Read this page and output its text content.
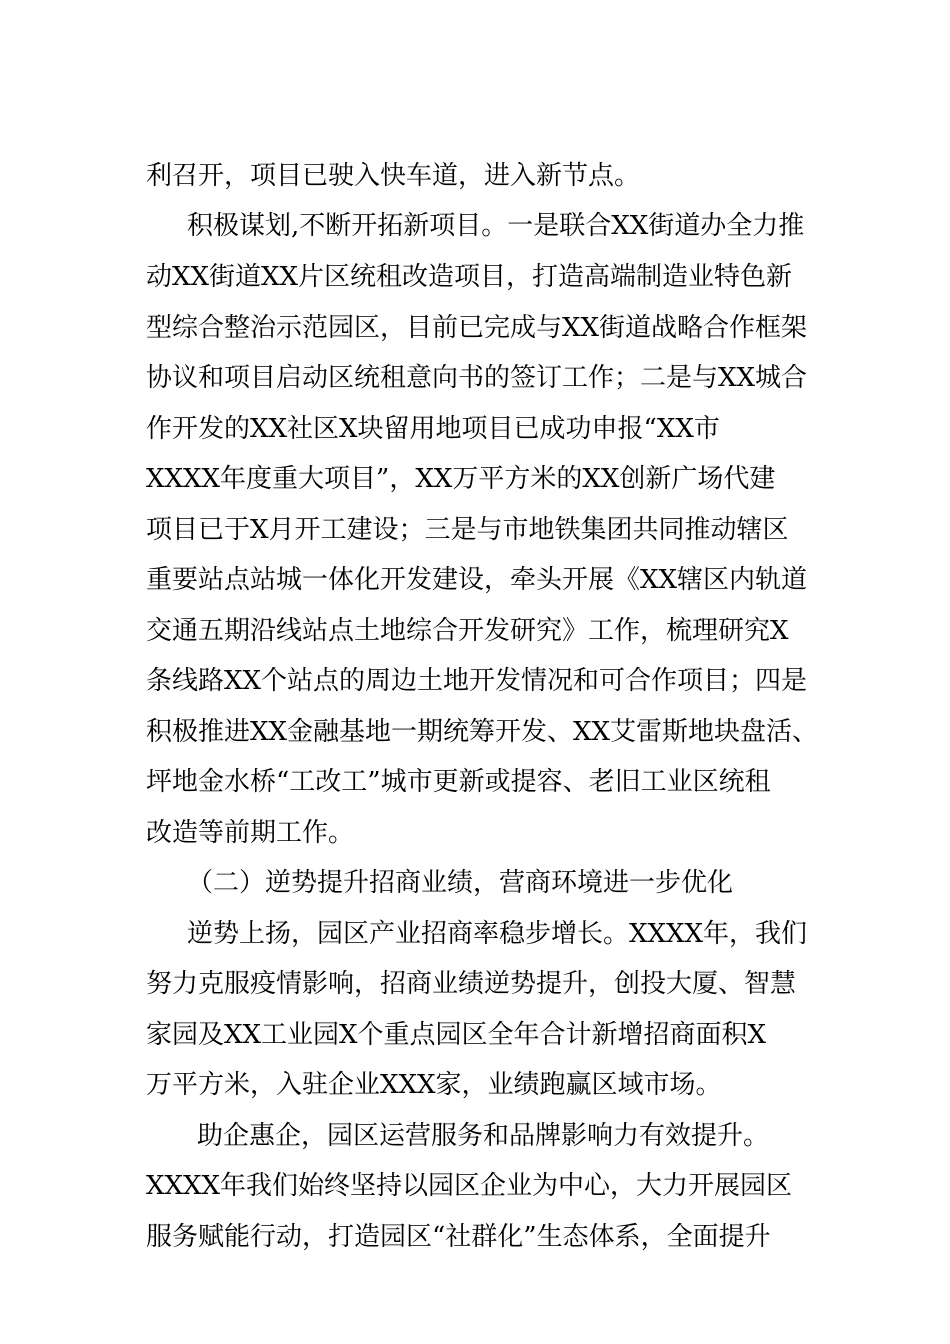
利召开，项目已驶入快车道，进入新节点。

积极谋划,不断开拓新项目。一是联合XX街道办全力推

动XX街道XX片区统租改造项目，打造高端制造业特色新

型综合整治示范园区，目前已完成与XX街道战略合作框架

协议和项目启动区统租意向书的签订工作；二是与XX城合

作开发的XX社区X块留用地项目已成功申报“XX市

XXXX年度重大项目”，XX万平方米的XX创新广场代建

项目已于X月开工建设；三是与市地铁集团共同推动辖区

重要站点站城一体化开发建设，牵头开展《XX辖区内轨道

交通五期沿线站点土地综合开发研究》工作，梳理研究X

条线路XX个站点的周边土地开发情况和可合作项目；四是

积极推进XX金融基地一期统筹开发、XX艾雷斯地块盘活、

坪地金水桥“工改工”城市更新或提容、老旧工业区统租

改造等前期工作。

（二）逆势提升招商业绩，营商环境进一步优化

逆势上扬，园区产业招商率稳步增长。XXXX年，我们

努力克服疫情影响，招商业绩逆势提升，创投大厦、智慧

家园及XX工业园X个重点园区全年合计新增招商面积X

万平方米，入驻企业XXX家，业绩跑赢区域市场。

助企惠企，园区运营服务和品牌影响力有效提升。

XXXX年我们始终坚持以园区企业为中心，大力开展园区

服务赋能行动，打造园区“社群化”生态体系，全面提升
